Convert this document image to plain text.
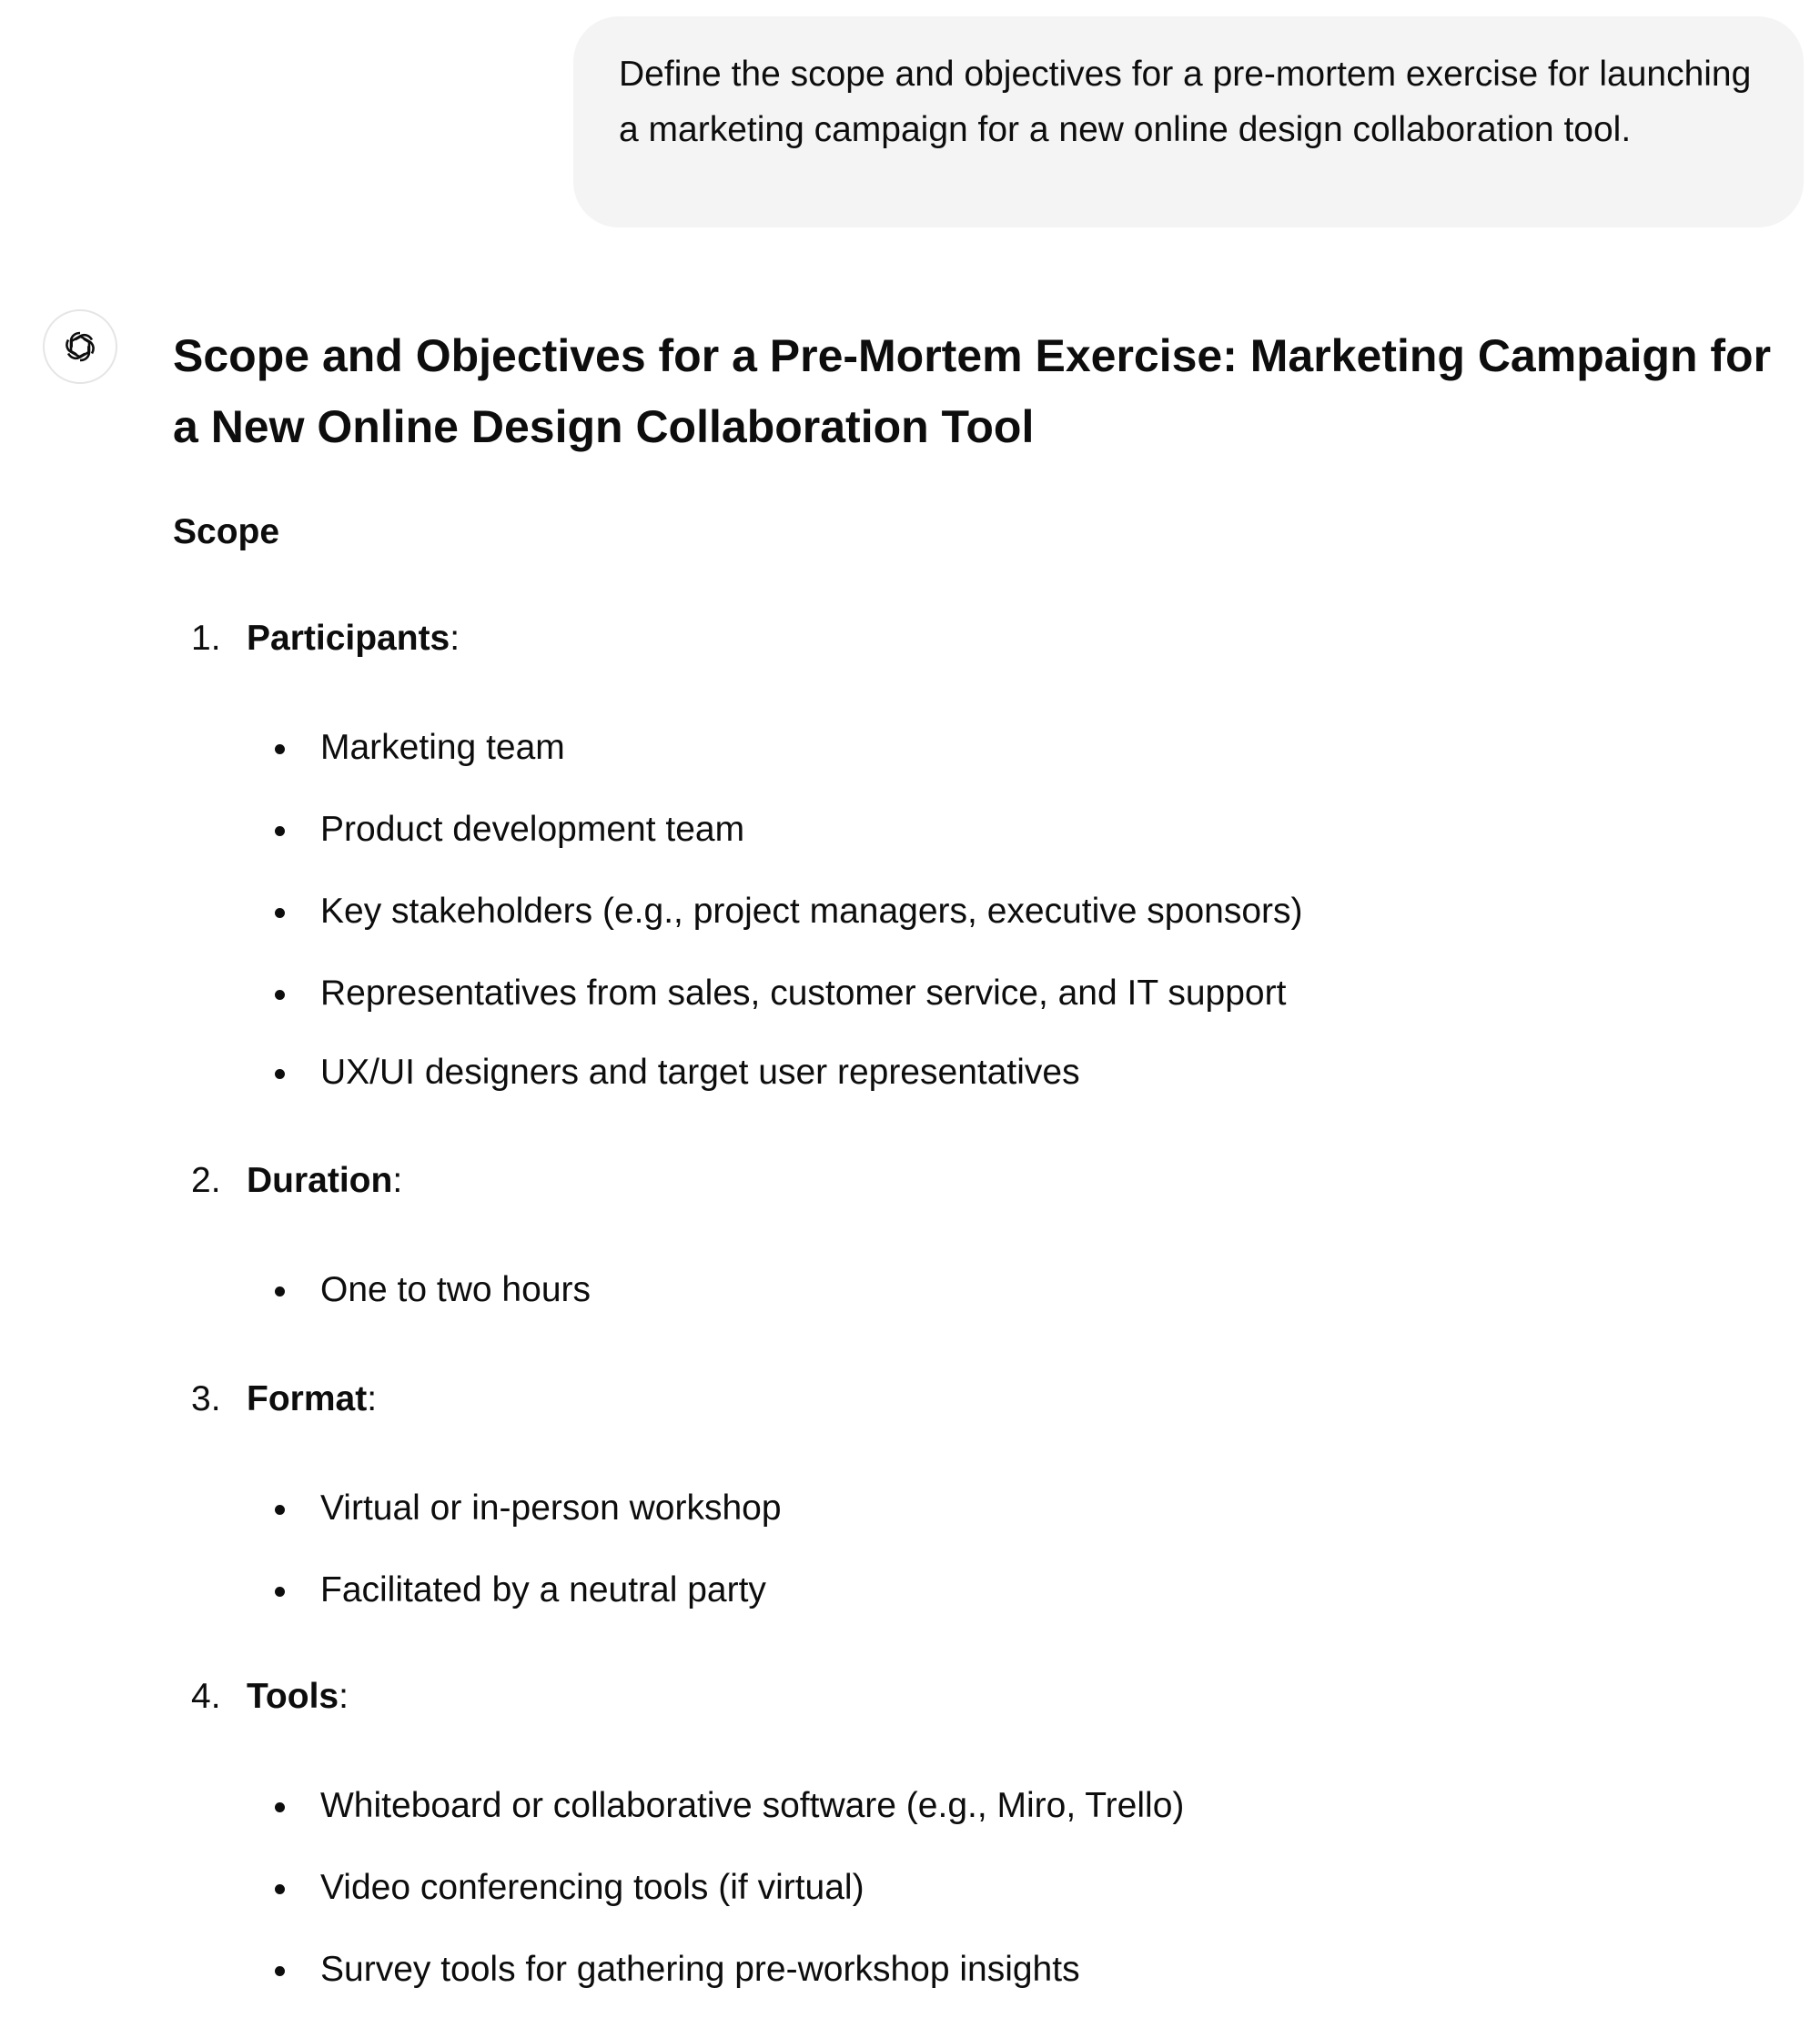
Define the scope and objectives for a pre-mortem exercise for launching a marketing campaign for a new online design collaboration tool.
Scope and Objectives for a Pre-Mortem Exercise: Marketing Campaign for a New Online Design Collaboration Tool
Scope
1. Participants:
Marketing team
Product development team
Key stakeholders (e.g., project managers, executive sponsors)
Representatives from sales, customer service, and IT support
UX/UI designers and target user representatives
2. Duration:
One to two hours
3. Format:
Virtual or in-person workshop
Facilitated by a neutral party
4. Tools:
Whiteboard or collaborative software (e.g., Miro, Trello)
Video conferencing tools (if virtual)
Survey tools for gathering pre-workshop insights
